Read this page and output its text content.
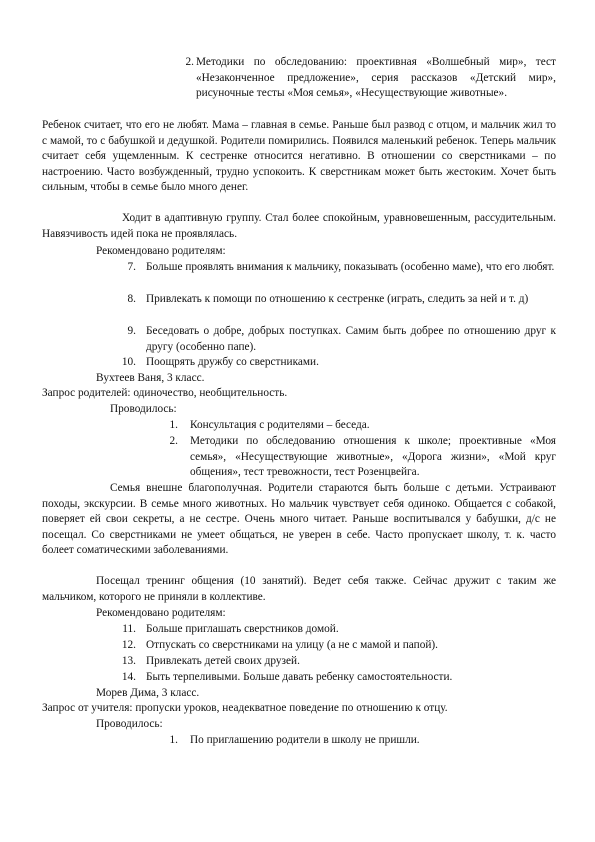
2. Методики по обследованию: проективная «Волшебный мир», тест «Незаконченное предложение», серия рассказов «Детский мир», рисуночные тесты «Моя семья», «Несуществующие животные».
Ребенок считает, что его не любят. Мама – главная в семье. Раньше был развод с отцом, и мальчик жил то с мамой, то с бабушкой и дедушкой. Родители помирились. Появился маленький ребенок. Теперь мальчик считает себя ущемленным. К сестренке относится негативно. В отношении со сверстниками – по настроению. Часто возбужденный, трудно успокоить. К сверстникам может быть жестоким. Хочет быть сильным, чтобы в семье было много денег.
Ходит в адаптивную группу. Стал более спокойным, уравновешенным, рассудительным. Навязчивость идей пока не проявлялась.
Рекомендовано родителям:
7. Больше проявлять внимания к мальчику, показывать (особенно маме), что его любят.
8. Привлекать к помощи по отношению к сестренке (играть, следить за ней и т. д)
9. Беседовать о добре, добрых поступках. Самим быть добрее по отношению друг к другу (особенно папе).
10. Поощрять дружбу со сверстниками.
Вухтеев Ваня, 3 класс.
Запрос родителей: одиночество, необщительность.
Проводилось:
1. Консультация с родителями – беседа.
2. Методики по обследованию отношения к школе; проективные «Моя семья», «Несуществующие животные», «Дорога жизни», «Мой круг общения», тест тревожности, тест Розенцвейга.
Семья внешне благополучная. Родители стараются быть больше с детьми. Устраивают походы, экскурсии. В семье много животных. Но мальчик чувствует себя одиноко. Общается с собакой, поверяет ей свои секреты, а не сестре. Очень много читает. Раньше воспитывался у бабушки, д/с не посещал. Со сверстниками не умеет общаться, не уверен в себе. Часто пропускает школу, т. к. часто болеет соматическими заболеваниями.
Посещал тренинг общения (10 занятий). Ведет себя также. Сейчас дружит с таким же мальчиком, которого не приняли в коллективе.
Рекомендовано родителям:
11. Больше приглашать сверстников домой.
12. Отпускать со сверстниками на улицу (а не с мамой и папой).
13. Привлекать детей своих друзей.
14. Быть терпеливыми. Больше давать ребенку самостоятельности.
Морев Дима, 3 класс.
Запрос от учителя: пропуски уроков, неадекватное поведение по отношению к отцу.
Проводилось:
1. По приглашению родители в школу не пришли.
